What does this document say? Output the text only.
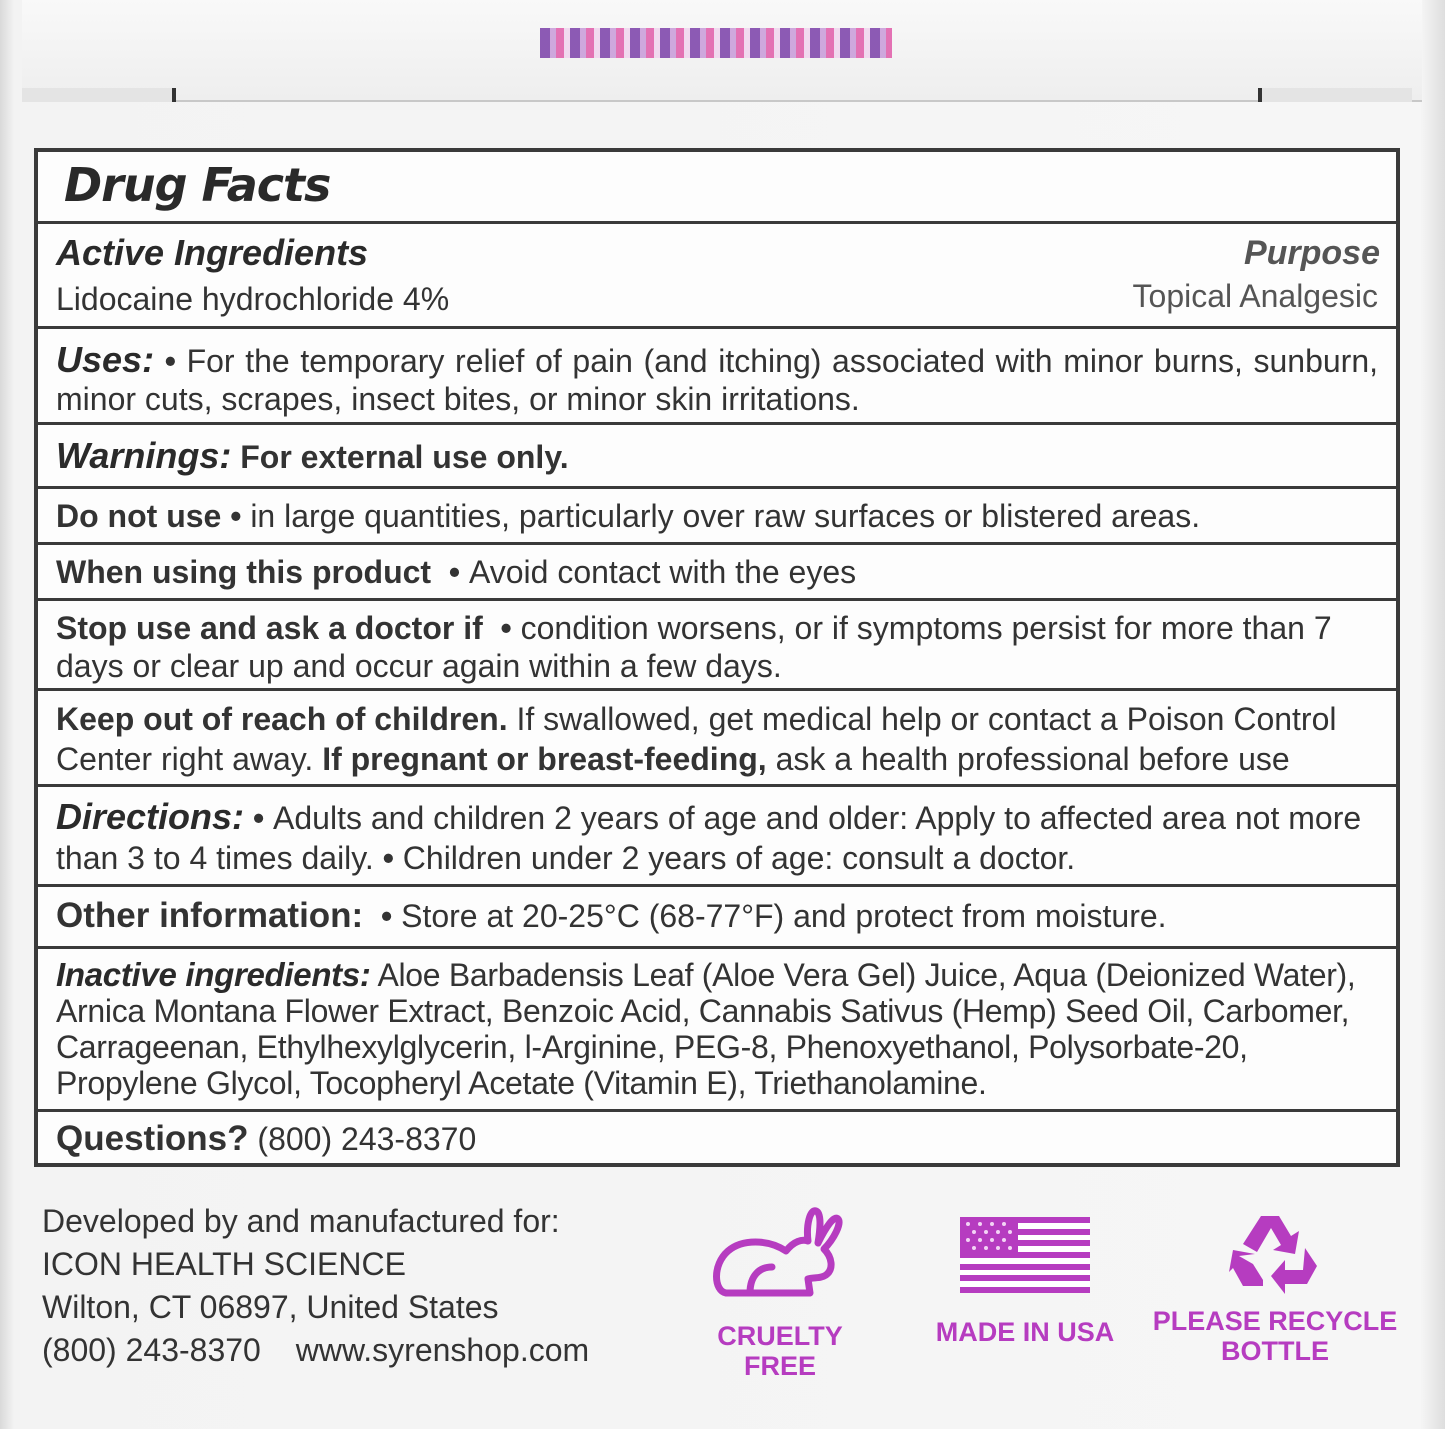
Drug Facts
Active Ingredients
Lidocaine hydrochloride 4%
Purpose
Topical Analgesic
Uses: • For the temporary relief of pain (and itching) associated with minor burns, sunburn, minor cuts, scrapes, insect bites, or minor skin irritations.
Warnings: For external use only.
Do not use • in large quantities, particularly over raw surfaces or blistered areas.
When using this product  • Avoid contact with the eyes
Stop use and ask a doctor if  • condition worsens, or if symptoms persist for more than 7 days or clear up and occur again within a few days.
Keep out of reach of children. If swallowed, get medical help or contact a Poison Control Center right away. If pregnant or breast-feeding, ask a health professional before use
Directions: • Adults and children 2 years of age and older: Apply to affected area not more than 3 to 4 times daily. • Children under 2 years of age: consult a doctor.
Other information:  • Store at 20-25°C (68-77°F) and protect from moisture.
Inactive ingredients: Aloe Barbadensis Leaf (Aloe Vera Gel) Juice, Aqua (Deionized Water), Arnica Montana Flower Extract, Benzoic Acid, Cannabis Sativus (Hemp) Seed Oil, Carbomer, Carrageenan, Ethylhexylglycerin, l-Arginine, PEG-8, Phenoxyethanol, Polysorbate-20, Propylene Glycol, Tocopheryl Acetate (Vitamin E), Triethanolamine.
Questions? (800) 243-8370
Developed by and manufactured for:
ICON HEALTH SCIENCE
Wilton, CT 06897, United States
(800) 243-8370 www.syrenshop.com	CRUELTY FREE
MADE IN USA	PLEASE RECYCLE
BOTTLE
